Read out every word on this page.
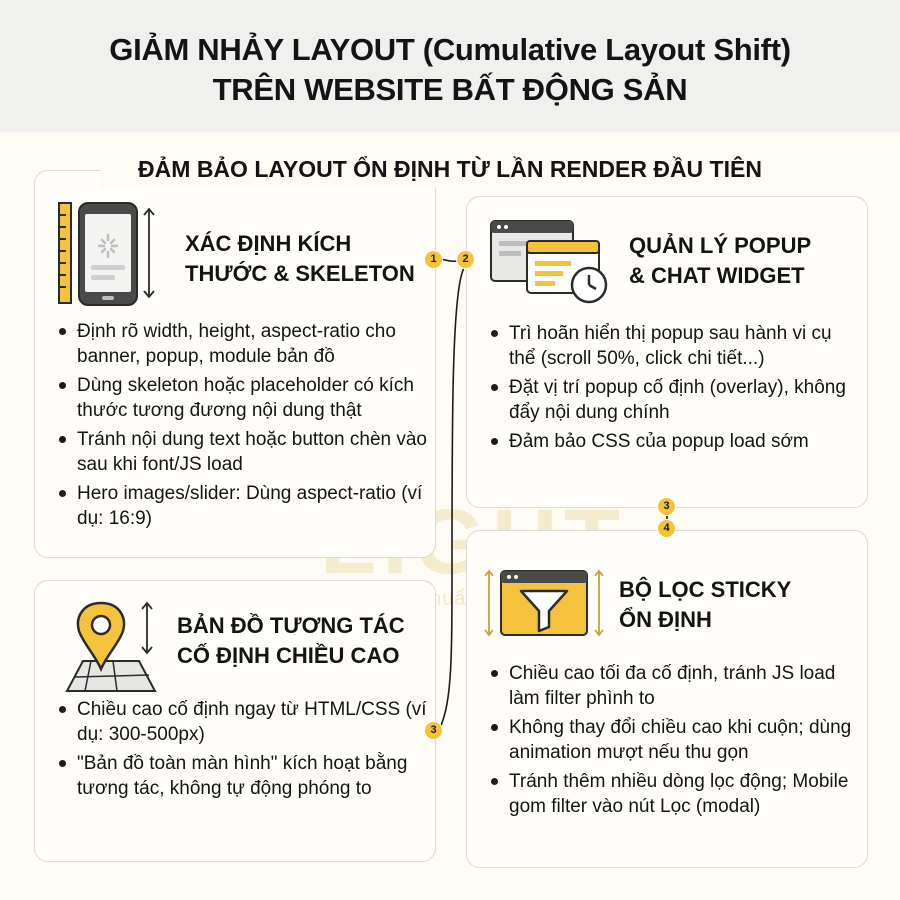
GIẢM NHẢY LAYOUT (Cumulative Layout Shift)
TRÊN WEBSITE BẤT ĐỘNG SẢN
Chuẩn
XÁC ĐỊNH KÍCH
THƯỚC & SKELETON
Định rõ width, height, aspect-ratio cho banner, popup, module bản đồ
Dùng skeleton hoặc placeholder có kích thước tương đương nội dung thật
Tránh nội dung text hoặc button chèn vào sau khi font/JS load
Hero images/slider: Dùng aspect-ratio (ví dụ: 16:9)
QUẢN LÝ POPUP
& CHAT WIDGET
Trì hoãn hiển thị popup sau hành vi cụ thể (scroll 50%, click chi tiết...)
Đặt vị trí popup cố định (overlay), không đẩy nội dung chính
Đảm bảo CSS của popup load sớm
BẢN ĐỒ TƯƠNG TÁC
CỐ ĐỊNH CHIỀU CAO
Chiều cao cố định ngay từ HTML/CSS (ví dụ: 300-500px)
"Bản đồ toàn màn hình" kích hoạt bằng tương tác, không tự động phóng to
BỘ LỌC STICKY
ỔN ĐỊNH
Chiều cao tối đa cố định, tránh JS load làm filter phình to
Không thay đổi chiều cao khi cuộn; dùng animation mượt nếu thu gọn
Tránh thêm nhiều dòng lọc động; Mobile gom filter vào nút Lọc (modal)
ĐẢM BẢO LAYOUT ỔN ĐỊNH TỪ LẦN RENDER ĐẦU TIÊN
1	2
3
3
4
